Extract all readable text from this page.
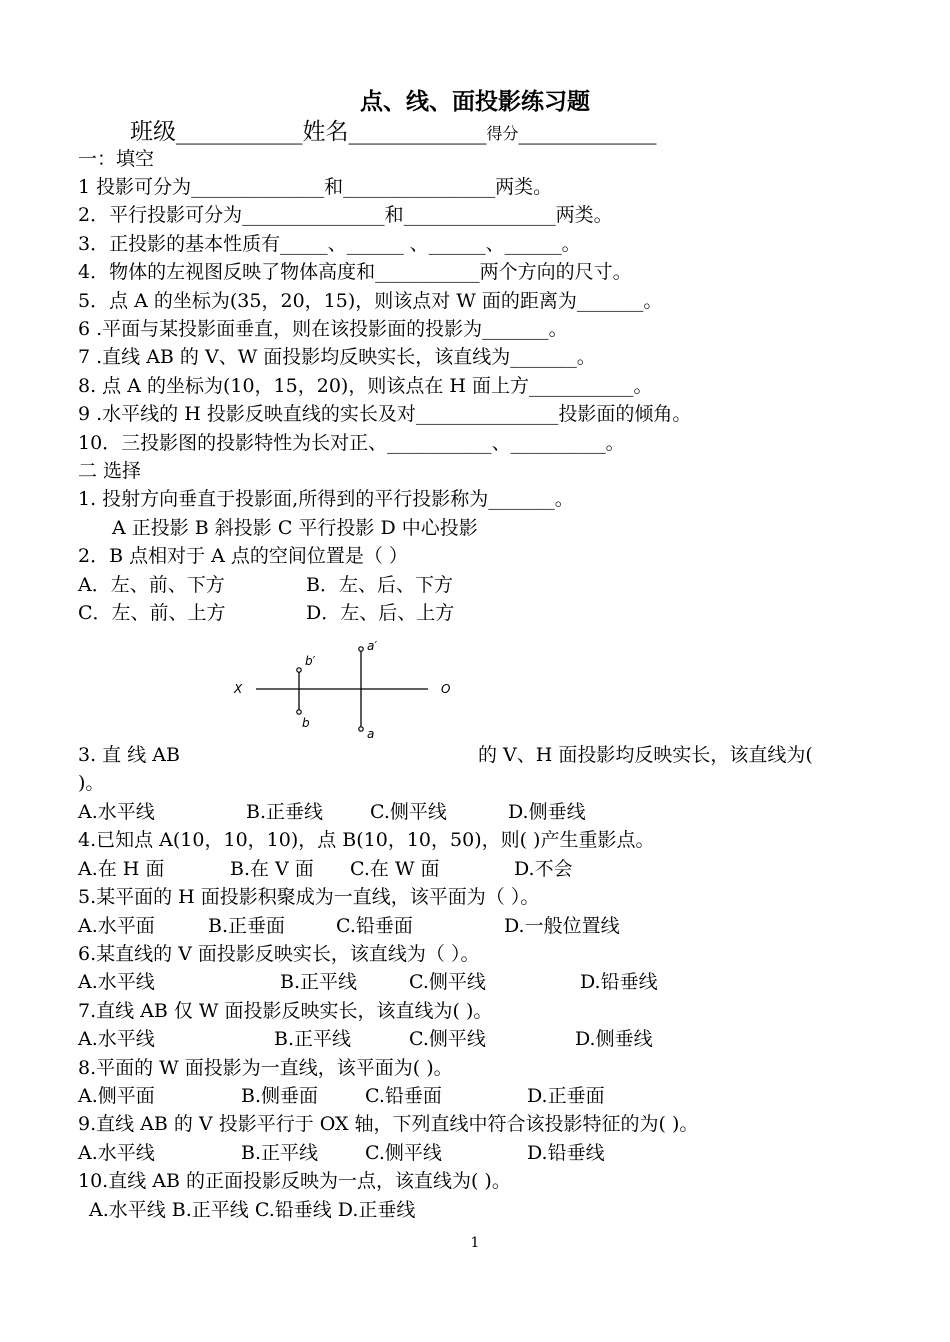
点、线、面投影练习题
班级___________姓名____________得分____________
一：填空
1 投影可分为______________和________________两类。
2．平行投影可分为_______________和________________两类。
3．正投影的基本性质有_____、______ 、______、______。
4．物体的左视图反映了物体高度和___________两个方向的尺寸。
5．点 A 的坐标为(35，20，15)，则该点对 W 面的距离为_______。
6 .平面与某投影面垂直，则在该投影面的投影为_______。
7 .直线 AB 的 V、W 面投影均反映实长，该直线为_______。
8. 点 A 的坐标为(10，15，20)，则该点在 H 面上方___________。
9 .水平线的 H 投影反映直线的实长及对_______________投影面的倾角。
10．三投影图的投影特性为长对正、___________、__________。
二 选择
1. 投射方向垂直于投影面,所得到的平行投影称为_______。
A 正投影 B 斜投影 C 平行投影 D 中心投影
2．B 点相对于 A 点的空间位置是（ ）
A．左、前、下方	B．左、后、下方
C．左、前、上方	D．左、后、上方
X	O
b′
b
a′
a
3. 直 线 AB	的 V、H 面投影均反映实长，该直线为(
)。
A.水平线	B.正垂线 C.侧平线	D.侧垂线
4.已知点 A(10，10，10)，点 B(10，10，50)，则( )产生重影点。
A.在 H 面	B.在 V 面 C.在 W 面	D.不会
5.某平面的 H 面投影积聚成为一直线，该平面为（ ）。
A.水平面	B.正垂面	C.铅垂面	D.一般位置线
6.某直线的 V 面投影反映实长，该直线为（ ）。
A.水平线	B.正平线	C.侧平线	D.铅垂线
7.直线 AB 仅 W 面投影反映实长，该直线为( )。
A.水平线	B.正平线	C.侧平线	D.侧垂线
8.平面的 W 面投影为一直线，该平面为( )。
A.侧平面	B.侧垂面 C.铅垂面	D.正垂面
9.直线 AB 的 V 投影平行于 OX 轴，下列直线中符合该投影特征的为( )。
A.水平线	B.正平线 C.侧平线	D.铅垂线
10.直线 AB 的正面投影反映为一点，该直线为( )。
A.水平线 B.正平线 C.铅垂线 D.正垂线
1
